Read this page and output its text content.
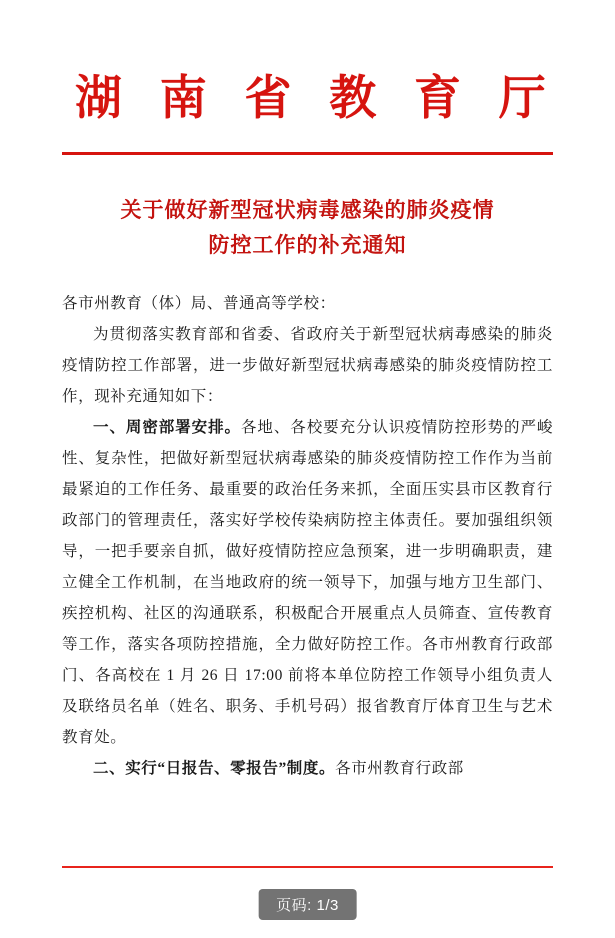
湖 南 省 教 育 厅
关于做好新型冠状病毒感染的肺炎疫情
防控工作的补充通知

各市州教育（体）局、普通高等学校：

为贯彻落实教育部和省委、省政府关于新型冠状病毒感染的肺炎疫情防控工作部署，进一步做好新型冠状病毒感染的肺炎疫情防控工作，现补充通知如下：

一、周密部署安排。各地、各校要充分认识疫情防控形势的严峻性、复杂性，把做好新型冠状病毒感染的肺炎疫情防控工作作为当前最紧迫的工作任务、最重要的政治任务来抓，全面压实县市区教育行政部门的管理责任，落实好学校传染病防控主体责任。要加强组织领导，一把手要亲自抓，做好疫情防控应急预案，进一步明确职责，建立健全工作机制，在当地政府的统一领导下，加强与地方卫生部门、疾控机构、社区的沟通联系，积极配合开展重点人员筛查、宣传教育等工作，落实各项防控措施，全力做好防控工作。各市州教育行政部门、各高校在 1 月 26 日 17:00 前将本单位防控工作领导小组负责人及联络员名单（姓名、职务、手机号码）报省教育厅体育卫生与艺术教育处。

二、实行“日报告、零报告”制度。各市州教育行政部

页码: 1/3
